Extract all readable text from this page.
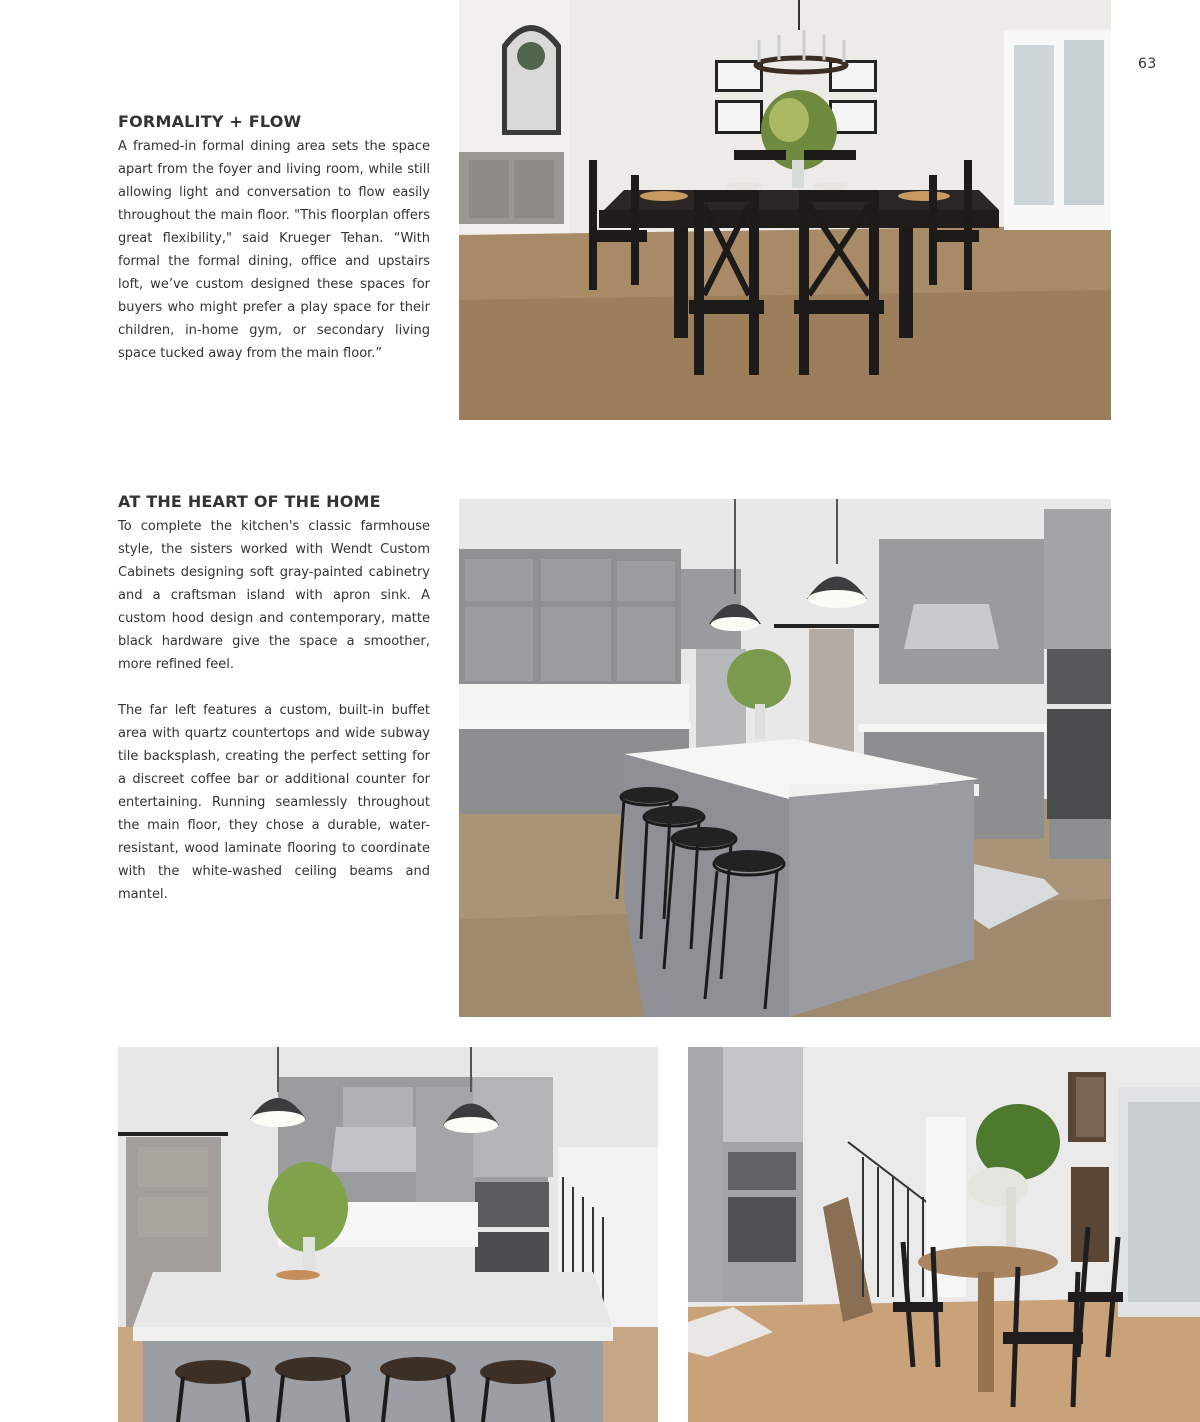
63
FORMALITY + FLOW

A framed-in formal dining area sets the space apart from the foyer and living room, while still allowing light and conversation to flow easily throughout the main floor. "This floorplan offers great flexibility," said Krueger Tehan. “With formal the formal dining, office and upstairs loft, we’ve custom designed these spaces for buyers who might prefer a play space for their children, in-home gym, or secondary living space tucked away from the main floor.”

AT THE HEART OF THE HOME

To complete the kitchen's classic farmhouse style, the sisters worked with Wendt Custom Cabinets designing soft gray-painted cabinetry and a craftsman island with apron sink. A custom hood design and contemporary, matte black hardware give the space a smoother, more refined feel.

The far left features a custom, built-in buffet area with quartz countertops and wide subway tile backsplash, creating the perfect setting for a discreet coffee bar or additional counter for entertaining. Running seamlessly throughout the main floor, they chose a durable, water-resistant, wood laminate flooring to coordinate with the white-washed ceiling beams and mantel.
